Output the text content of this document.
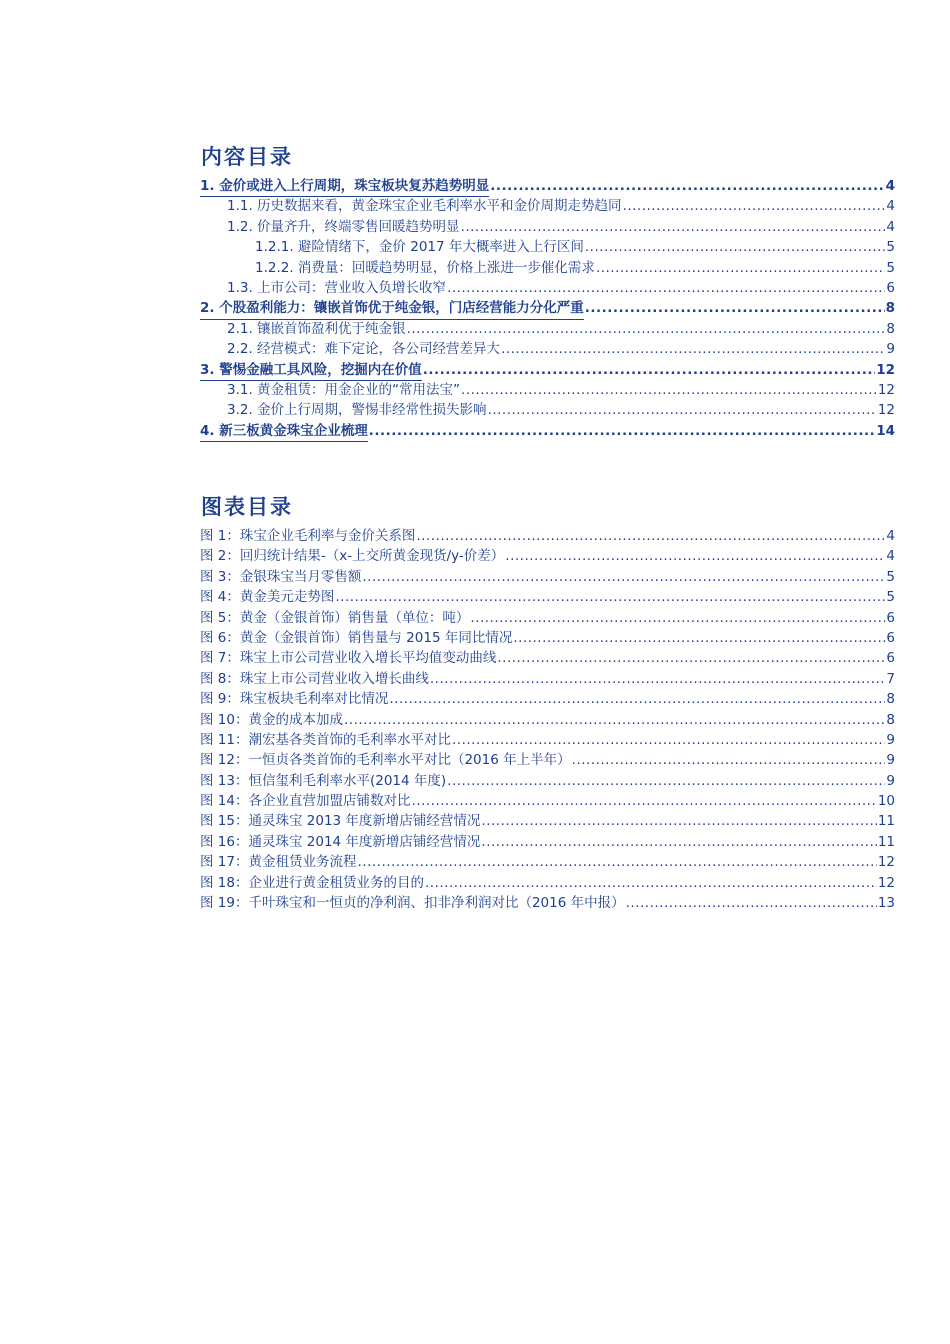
内容目录
1. 金价或进入上行周期，珠宝板块复苏趋势明显 .....	4
1.1. 历史数据来看，黄金珠宝企业毛利率水平和金价周期走势趋同 .....	4
1.2. 价量齐升，终端零售回暖趋势明显 .....	4
1.2.1. 避险情绪下，金价 2017 年大概率进入上行区间 .....	5
1.2.2. 消费量：回暖趋势明显，价格上涨进一步催化需求 .....	5
1.3. 上市公司：营业收入负增长收窄 .....	6
2. 个股盈利能力：镶嵌首饰优于纯金银，门店经营能力分化严重 .....	8
2.1. 镶嵌首饰盈利优于纯金银 .....	8
2.2. 经营模式：难下定论，各公司经营差异大 .....	9
3. 警惕金融工具风险，挖掘内在价值 .....	12
3.1. 黄金租赁：用金企业的“常用法宝” .....	12
3.2. 金价上行周期，警惕非经常性损失影响 .....	12
4. 新三板黄金珠宝企业梳理 .....	14
图表目录
图 1：珠宝企业毛利率与金价关系图 .....	4
图 2：回归统计结果-（x-上交所黄金现货/y-价差） .....	4
图 3：金银珠宝当月零售额 .....	5
图 4：黄金美元走势图 .....	5
图 5：黄金（金银首饰）销售量（单位：吨） .....	6
图 6：黄金（金银首饰）销售量与 2015 年同比情况 .....	6
图 7：珠宝上市公司营业收入增长平均值变动曲线 .....	6
图 8：珠宝上市公司营业收入增长曲线 .....	7
图 9：珠宝板块毛利率对比情况 .....	8
图 10：黄金的成本加成 .....	8
图 11：潮宏基各类首饰的毛利率水平对比 .....	9
图 12：一恒贞各类首饰的毛利率水平对比（2016 年上半年） .....	9
图 13：恒信玺利毛利率水平(2014 年度) .....	9
图 14：各企业直营加盟店铺数对比 .....	10
图 15：通灵珠宝 2013 年度新增店铺经营情况 .....	11
图 16：通灵珠宝 2014 年度新增店铺经营情况 .....	11
图 17：黄金租赁业务流程 .....	12
图 18：企业进行黄金租赁业务的目的 .....	12
图 19：千叶珠宝和一恒贞的净利润、扣非净利润对比（2016 年中报） .....	13
